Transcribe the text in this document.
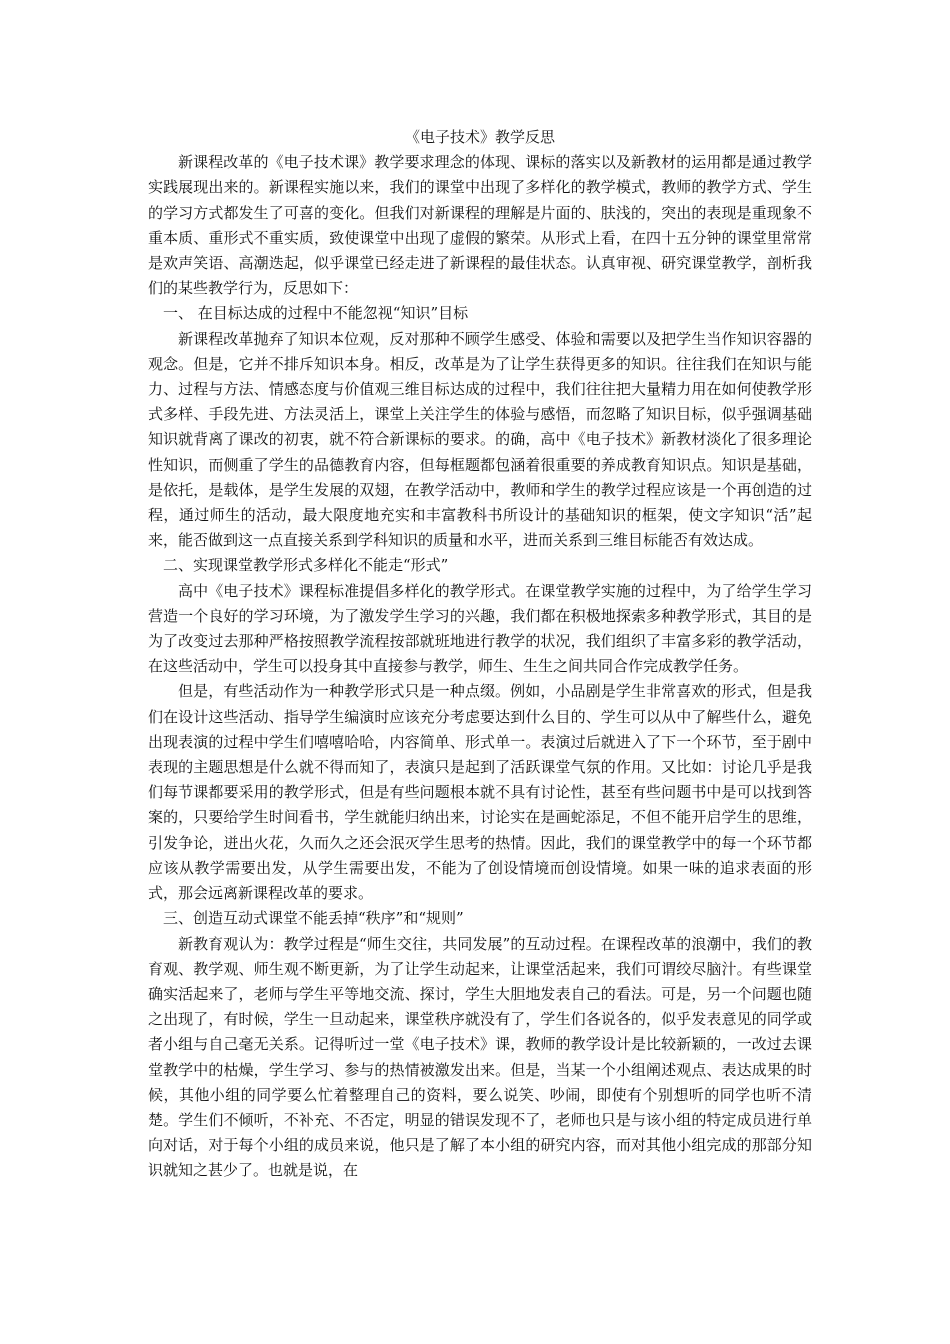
《电子技术》教学反思

新课程改革的《电子技术课》教学要求理念的体现、课标的落实以及新教材的运用都是通过教学实践展现出来的。新课程实施以来，我们的课堂中出现了多样化的教学模式，教师的教学方式、学生的学习方式都发生了可喜的变化。但我们对新课程的理解是片面的、肤浅的，突出的表现是重现象不重本质、重形式不重实质，致使课堂中出现了虚假的繁荣。从形式上看，在四十五分钟的课堂里常常是欢声笑语、高潮迭起，似乎课堂已经走进了新课程的最佳状态。认真审视、研究课堂教学，剖析我们的某些教学行为，反思如下：

一、 在目标达成的过程中不能忽视“知识”目标

新课程改革抛弃了知识本位观，反对那种不顾学生感受、体验和需要以及把学生当作知识容器的观念。但是，它并不排斥知识本身。相反，改革是为了让学生获得更多的知识。往往我们在知识与能力、过程与方法、情感态度与价值观三维目标达成的过程中，我们往往把大量精力用在如何使教学形式多样、手段先进、方法灵活上，课堂上关注学生的体验与感悟，而忽略了知识目标，似乎强调基础知识就背离了课改的初衷，就不符合新课标的要求。的确，高中《电子技术》新教材淡化了很多理论性知识，而侧重了学生的品德教育内容，但每框题都包涵着很重要的养成教育知识点。知识是基础，是依托，是载体，是学生发展的双翅，在教学活动中，教师和学生的教学过程应该是一个再创造的过程，通过师生的活动，最大限度地充实和丰富教科书所设计的基础知识的框架，使文字知识“活”起来，能否做到这一点直接关系到学科知识的质量和水平，进而关系到三维目标能否有效达成。

二、实现课堂教学形式多样化不能走“形式”

高中《电子技术》课程标准提倡多样化的教学形式。在课堂教学实施的过程中，为了给学生学习营造一个良好的学习环境，为了激发学生学习的兴趣，我们都在积极地探索多种教学形式，其目的是为了改变过去那种严格按照教学流程按部就班地进行教学的状况，我们组织了丰富多彩的教学活动，在这些活动中，学生可以投身其中直接参与教学，师生、生生之间共同合作完成教学任务。

但是，有些活动作为一种教学形式只是一种点缀。例如，小品剧是学生非常喜欢的形式，但是我们在设计这些活动、指导学生编演时应该充分考虑要达到什么目的、学生可以从中了解些什么，避免出现表演的过程中学生们嘻嘻哈哈，内容简单、形式单一。表演过后就进入了下一个环节，至于剧中表现的主题思想是什么就不得而知了，表演只是起到了活跃课堂气氛的作用。又比如：讨论几乎是我们每节课都要采用的教学形式，但是有些问题根本就不具有讨论性，甚至有些问题书中是可以找到答案的，只要给学生时间看书，学生就能归纳出来，讨论实在是画蛇添足，不但不能开启学生的思维，引发争论，迸出火花，久而久之还会泯灭学生思考的热情。因此，我们的课堂教学中的每一个环节都应该从教学需要出发，从学生需要出发，不能为了创设情境而创设情境。如果一味的追求表面的形式，那会远离新课程改革的要求。

三、创造互动式课堂不能丢掉“秩序”和“规则”

新教育观认为：教学过程是“师生交往，共同发展”的互动过程。在课程改革的浪潮中，我们的教育观、教学观、师生观不断更新，为了让学生动起来，让课堂活起来，我们可谓绞尽脑汁。有些课堂确实活起来了，老师与学生平等地交流、探讨，学生大胆地发表自己的看法。可是，另一个问题也随之出现了，有时候，学生一旦动起来，课堂秩序就没有了，学生们各说各的，似乎发表意见的同学或者小组与自己毫无关系。记得听过一堂《电子技术》课，教师的教学设计是比较新颖的，一改过去课堂教学中的枯燥，学生学习、参与的热情被激发出来。但是，当某一个小组阐述观点、表达成果的时候，其他小组的同学要么忙着整理自己的资料，要么说笑、吵闹，即使有个别想听的同学也听不清楚。学生们不倾听，不补充、不否定，明显的错误发现不了，老师也只是与该小组的特定成员进行单向对话，对于每个小组的成员来说，他只是了解了本小组的研究内容，而对其他小组完成的那部分知识就知之甚少了。也就是说，在
